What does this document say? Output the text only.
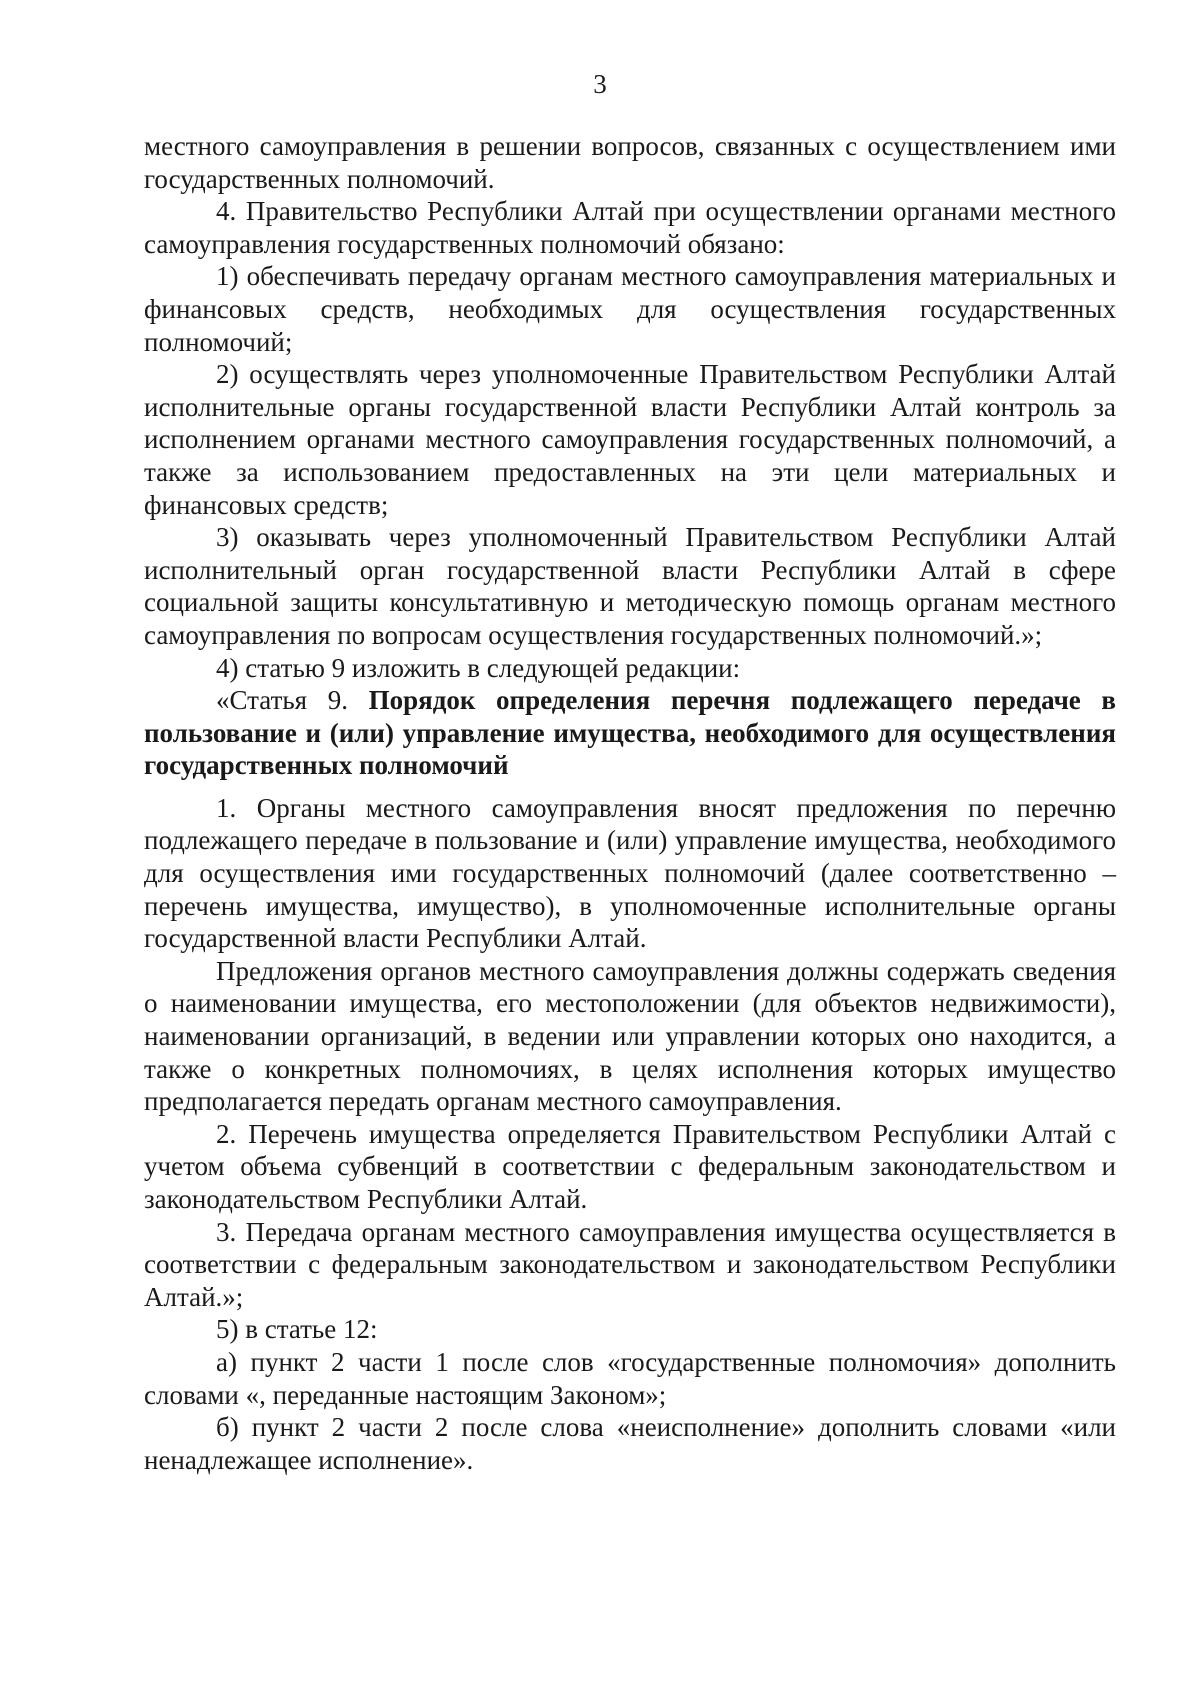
3

местного самоуправления в решении вопросов, связанных с осуществлением ими государственных полномочий.

4. Правительство Республики Алтай при осуществлении органами местного самоуправления государственных полномочий обязано:

1) обеспечивать передачу органам местного самоуправления материальных и финансовых средств, необходимых для осуществления государственных полномочий;

2) осуществлять через уполномоченные Правительством Республики Алтай исполнительные органы государственной власти Республики Алтай контроль за исполнением органами местного самоуправления государственных полномочий, а также за использованием предоставленных на эти цели материальных и финансовых средств;

3) оказывать через уполномоченный Правительством Республики Алтай исполнительный орган государственной власти Республики Алтай в сфере социальной защиты консультативную и методическую помощь органам местного самоуправления по вопросам осуществления государственных полномочий.»;

4) статью 9 изложить в следующей редакции:

«Статья 9. Порядок определения перечня подлежащего передаче в пользование и (или) управление имущества, необходимого для осуществления государственных полномочий

1. Органы местного самоуправления вносят предложения по перечню подлежащего передаче в пользование и (или) управление имущества, необходимого для осуществления ими государственных полномочий (далее соответственно – перечень имущества, имущество), в уполномоченные исполнительные органы государственной власти Республики Алтай.

Предложения органов местного самоуправления должны содержать сведения о наименовании имущества, его местоположении (для объектов недвижимости), наименовании организаций, в ведении или управлении которых оно находится, а также о конкретных полномочиях, в целях исполнения которых имущество предполагается передать органам местного самоуправления.

2. Перечень имущества определяется Правительством Республики Алтай с учетом объема субвенций в соответствии с федеральным законодательством и законодательством Республики Алтай.

3. Передача органам местного самоуправления имущества осуществляется в соответствии с федеральным законодательством и законодательством Республики Алтай.»;

5) в статье 12:

а) пункт 2 части 1 после слов «государственные полномочия» дополнить словами «, переданные настоящим Законом»;

б) пункт 2 части 2 после слова «неисполнение» дополнить словами «или ненадлежащее исполнение».
